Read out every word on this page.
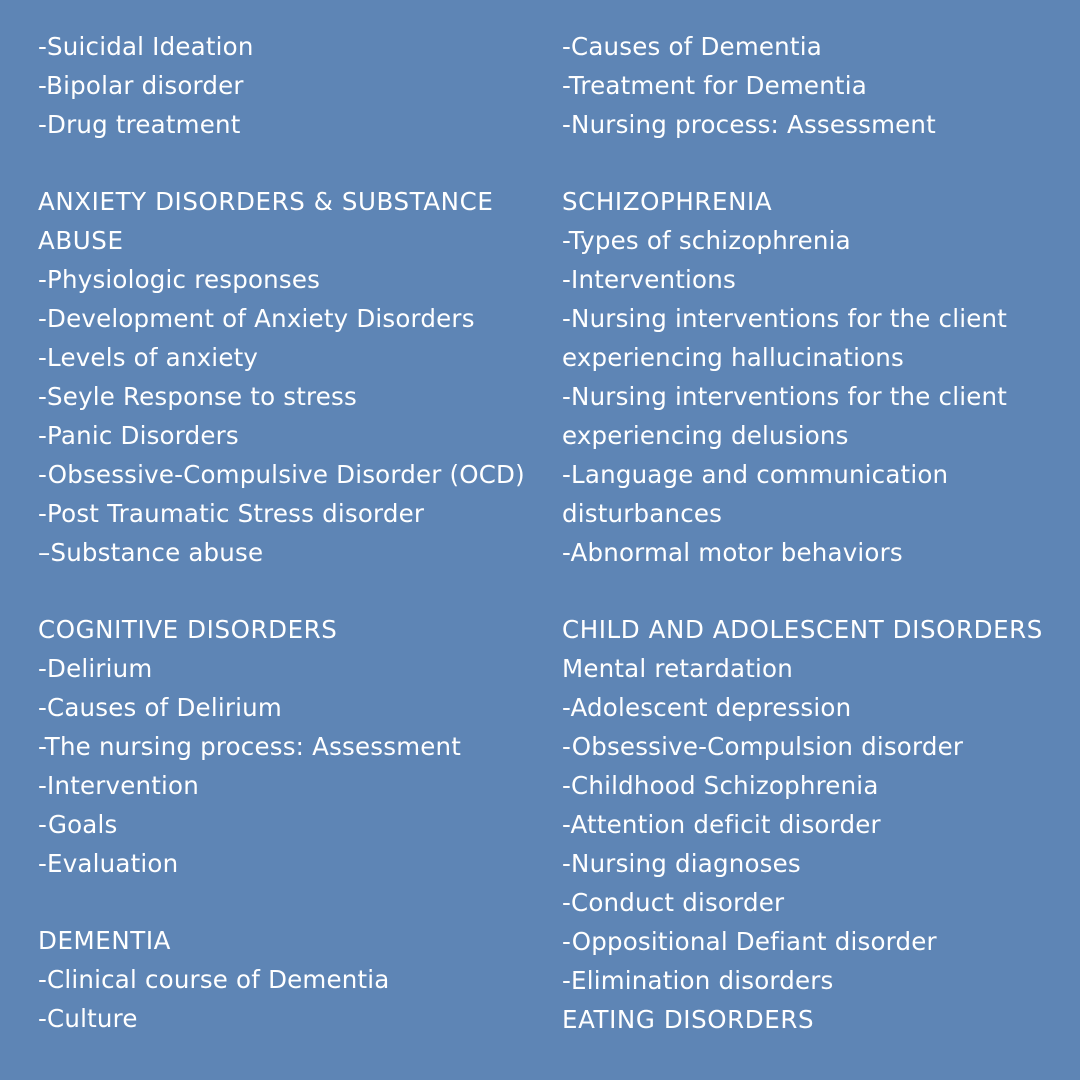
-Suicidal Ideation
-Bipolar disorder
-Drug treatment
ANXIETY DISORDERS & SUBSTANCE ABUSE
-Physiologic responses
-Development of Anxiety Disorders
-Levels of anxiety
-Seyle Response to stress
-Panic Disorders
-Obsessive-Compulsive Disorder (OCD)
-Post Traumatic Stress disorder
–Substance abuse
COGNITIVE DISORDERS
-Delirium
-Causes of Delirium
-The nursing process: Assessment
-Intervention
-Goals
-Evaluation
DEMENTIA
-Clinical course of Dementia
-Culture
-Causes of Dementia
-Treatment for Dementia
-Nursing process: Assessment
SCHIZOPHRENIA
-Types of schizophrenia
-Interventions
-Nursing interventions for the client experiencing hallucinations
-Nursing interventions for the client experiencing delusions
-Language and communication disturbances
-Abnormal motor behaviors
CHILD AND ADOLESCENT DISORDERS
Mental retardation
-Adolescent depression
-Obsessive-Compulsion disorder
-Childhood Schizophrenia
-Attention deficit disorder
-Nursing diagnoses
-Conduct disorder
-Oppositional Defiant disorder
-Elimination disorders
EATING DISORDERS
